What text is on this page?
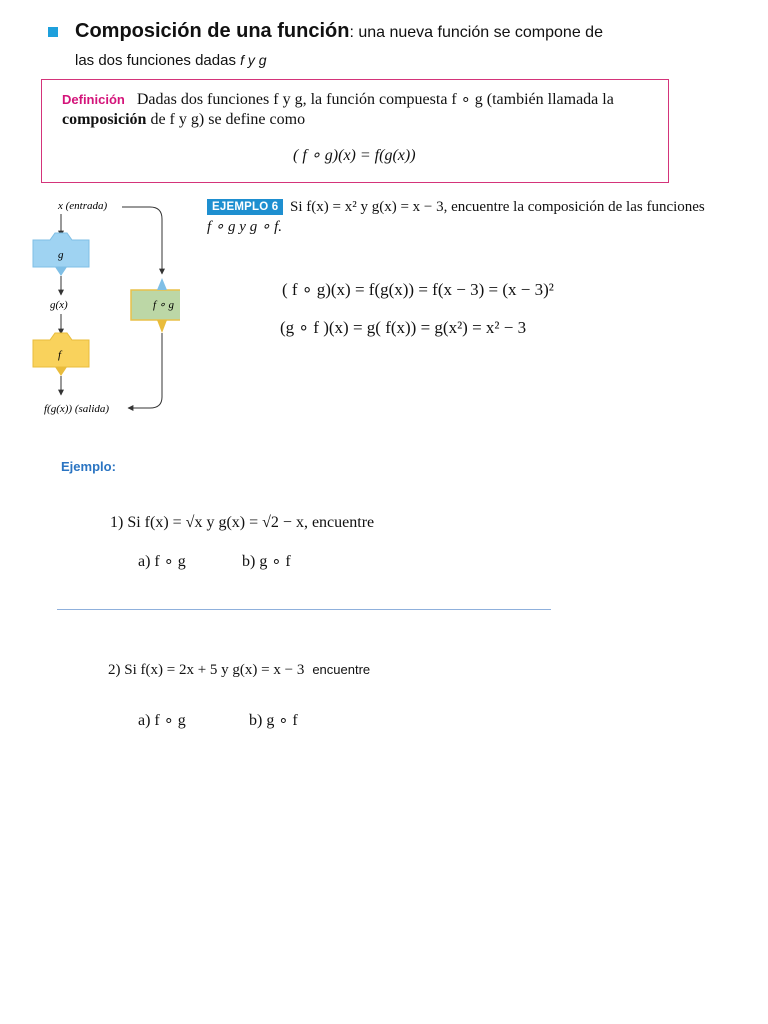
Composición de una función: una nueva función se compone de
las dos funciones dadas f y g
Definición Dadas dos funciones f y g, la función compuesta f ∘ g (también llamada la
composición de f y g) se define como
( f ∘ g)(x) = f(g(x))
x (entrada)
g
g(x)
f
f(g(x)) (salida)
f ∘ g
EJEMPLO 6 Si f(x) = x² y g(x) = x − 3, encuentre la composición de las funciones
f ∘ g y g ∘ f.
( f ∘ g)(x) = f(g(x)) = f(x − 3) = (x − 3)²
(g ∘ f )(x) = g( f(x)) = g(x²) = x² − 3
Ejemplo:
1) Si f(x) = √x y g(x) = √2 − x, encuentre
a) f ∘ g	b) g ∘ f
2) Si f(x) = 2x + 5 y g(x) = x − 3 encuentre
a) f ∘ g	b) g ∘ f
